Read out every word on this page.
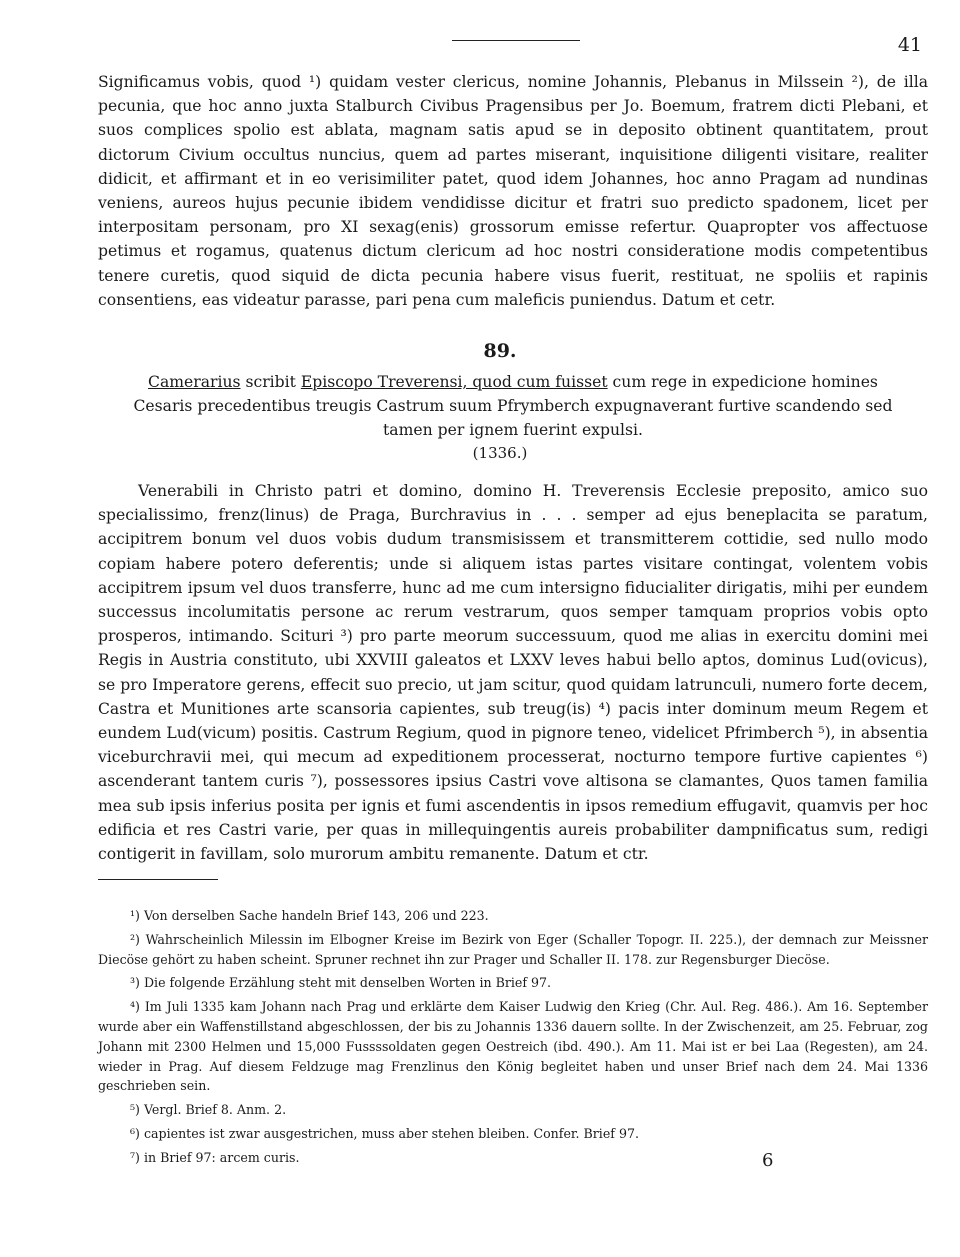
41

Significamus vobis, quod ¹) quidam vester clericus, nomine Johannis, Plebanus in Milssein ²), de illa pecunia, que hoc anno juxta Stalburch Civibus Pragensibus per Jo. Boemum, fratrem dicti Plebani, et suos complices spolio est ablata, magnam satis apud se in deposito obtinent quantitatem, prout dictorum Civium occultus nuncius, quem ad partes miserant, inquisitione diligenti visitare, realiter didicit, et affirmant et in eo verisimiliter patet, quod idem Johannes, hoc anno Pragam ad nundinas veniens, aureos hujus pecunie ibidem vendidisse dicitur et fratri suo predicto spadonem, licet per interpositam personam, pro XI sexag(enis) grossorum emisse refertur. Quapropter vos affectuose petimus et rogamus, quatenus dictum clericum ad hoc nostri consideratione modis competentibus tenere curetis, quod siquid de dicta pecunia habere visus fuerit, restituat, ne spoliis et rapinis consentiens, eas videatur parasse, pari pena cum maleficis puniendus. Datum et cetr.

89.
Camerarius scribit Episcopo Treverensi, quod cum fuisset cum rege in expedicione homines Cesaris precedentibus treugis Castrum suum Pfrymberch expugnaverant furtive scandendo sed tamen per ignem fuerint expulsi.
(1336.)

Venerabili in Christo patri et domino, domino H. Treverensis Ecclesie preposito, amico suo specialissimo, frenz(linus) de Praga, Burchravius in . . . semper ad ejus beneplacita se paratum, accipitrem bonum vel duos vobis dudum transmisissem et transmitterem cottidie, sed nullo modo copiam habere potero deferentis; unde si aliquem istas partes visitare contingat, volentem vobis accipitrem ipsum vel duos transferre, hunc ad me cum intersigno fiducialiter dirigatis, mihi per eundem successus incolumitatis persone ac rerum vestrarum, quos semper tamquam proprios vobis opto prosperos, intimando. Scituri ³) pro parte meorum successuum, quod me alias in exercitu domini mei Regis in Austria constituto, ubi XXVIII galeatos et LXXV leves habui bello aptos, dominus Lud(ovicus), se pro Imperatore gerens, effecit suo precio, ut jam scitur, quod quidam latrunculi, numero forte decem, Castra et Munitiones arte scansoria capientes, sub treug(is) ⁴) pacis inter dominum meum Regem et eundem Lud(vicum) positis. Castrum Regium, quod in pignore teneo, videlicet Pfrimberch ⁵), in absentia viceburchravii mei, qui mecum ad expeditionem processerat, nocturno tempore furtive capientes ⁶) ascenderant tantem curis ⁷), possessores ipsius Castri vove altisona se clamantes, Quos tamen familia mea sub ipsis inferius posita per ignis et fumi ascendentis in ipsos remedium effugavit, quamvis per hoc edificia et res Castri varie, per quas in millequingentis aureis probabiliter dampnificatus sum, redigi contigerit in favillam, solo murorum ambitu remanente. Datum et ctr.

¹) Von derselben Sache handeln Brief 143, 206 und 223.

²) Wahrscheinlich Milessin im Elbogner Kreise im Bezirk von Eger (Schaller Topogr. II. 225.), der demnach zur Meissner Diecöse gehört zu haben scheint. Spruner rechnet ihn zur Prager und Schaller II. 178. zur Regensburger Diecöse.

³) Die folgende Erzählung steht mit denselben Worten in Brief 97.

⁴) Im Juli 1335 kam Johann nach Prag und erklärte dem Kaiser Ludwig den Krieg (Chr. Aul. Reg. 486.). Am 16. September wurde aber ein Waffenstillstand abgeschlossen, der bis zu Johannis 1336 dauern sollte. In der Zwischenzeit, am 25. Februar, zog Johann mit 2300 Helmen und 15,000 Fussssoldaten gegen Oestreich (ibd. 490.). Am 11. Mai ist er bei Laa (Regesten), am 24. wieder in Prag. Auf diesem Feldzuge mag Frenzlinus den König begleitet haben und unser Brief nach dem 24. Mai 1336 geschrieben sein.

⁵) Vergl. Brief 8. Anm. 2.

⁶) capientes ist zwar ausgestrichen, muss aber stehen bleiben. Confer. Brief 97.

⁷) in Brief 97: arcem curis.	6
